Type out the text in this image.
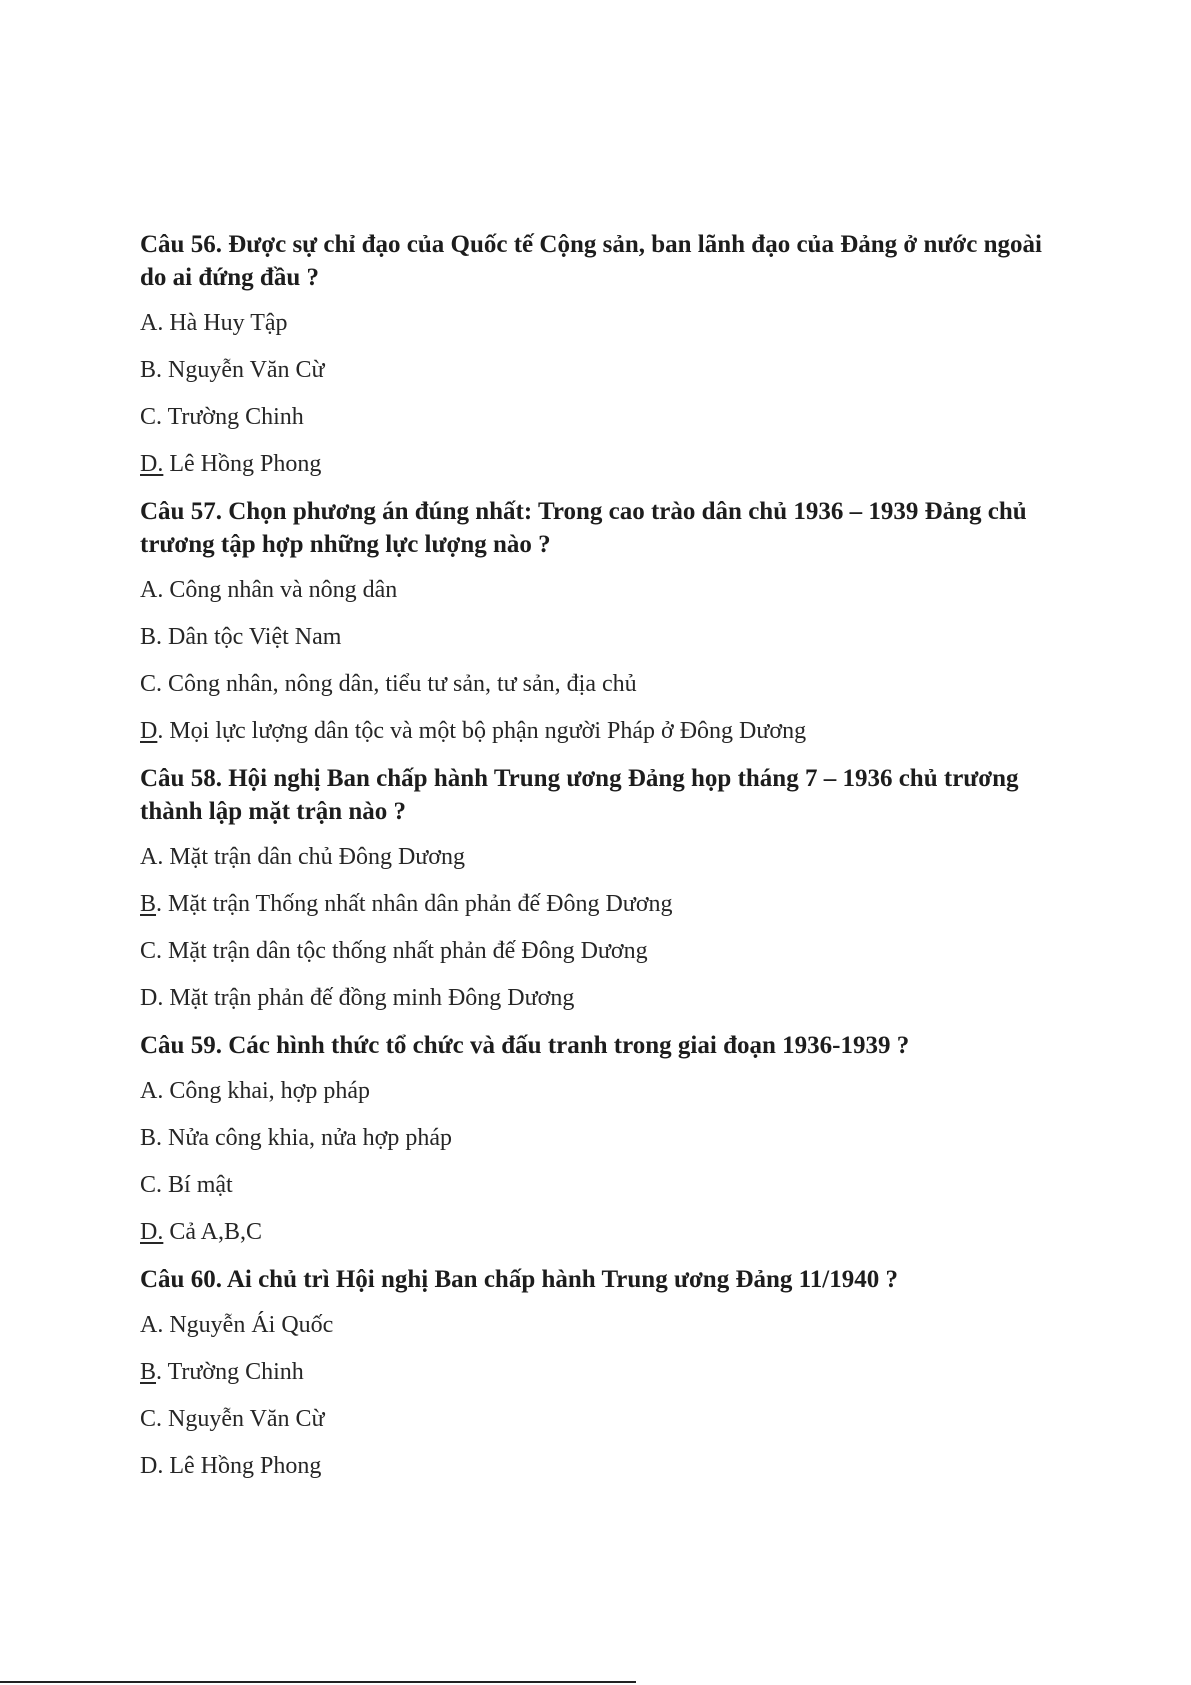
Câu 56. Được sự chỉ đạo của Quốc tế Cộng sản, ban lãnh đạo của Đảng ở nước ngoài do ai đứng đầu ?

A. Hà Huy Tập
B. Nguyễn Văn Cừ
C. Trường Chinh
D. Lê Hồng Phong

Câu 57. Chọn phương án đúng nhất: Trong cao trào dân chủ 1936 – 1939 Đảng chủ trương tập hợp những lực lượng nào ?

A. Công nhân và nông dân
B. Dân tộc Việt Nam
C. Công nhân, nông dân, tiểu tư sản, tư sản, địa chủ
D. Mọi lực lượng dân tộc và một bộ phận người Pháp ở Đông Dương

Câu 58. Hội nghị Ban chấp hành Trung ương Đảng họp tháng 7 – 1936 chủ trương thành lập mặt trận nào ?

A. Mặt trận dân chủ Đông Dương
B. Mặt trận Thống nhất nhân dân phản đế Đông Dương
C. Mặt trận dân tộc thống nhất phản đế Đông Dương
D. Mặt trận phản đế đồng minh Đông Dương

Câu 59. Các hình thức tổ chức và đấu tranh trong giai đoạn 1936-1939 ?

A. Công khai, hợp pháp
B. Nửa công khia, nửa hợp pháp
C. Bí mật
D. Cả A,B,C

Câu 60. Ai chủ trì Hội nghị Ban chấp hành Trung ương Đảng 11/1940 ?

A. Nguyễn Ái Quốc
B. Trường Chinh
C. Nguyễn Văn Cừ
D. Lê Hồng Phong
